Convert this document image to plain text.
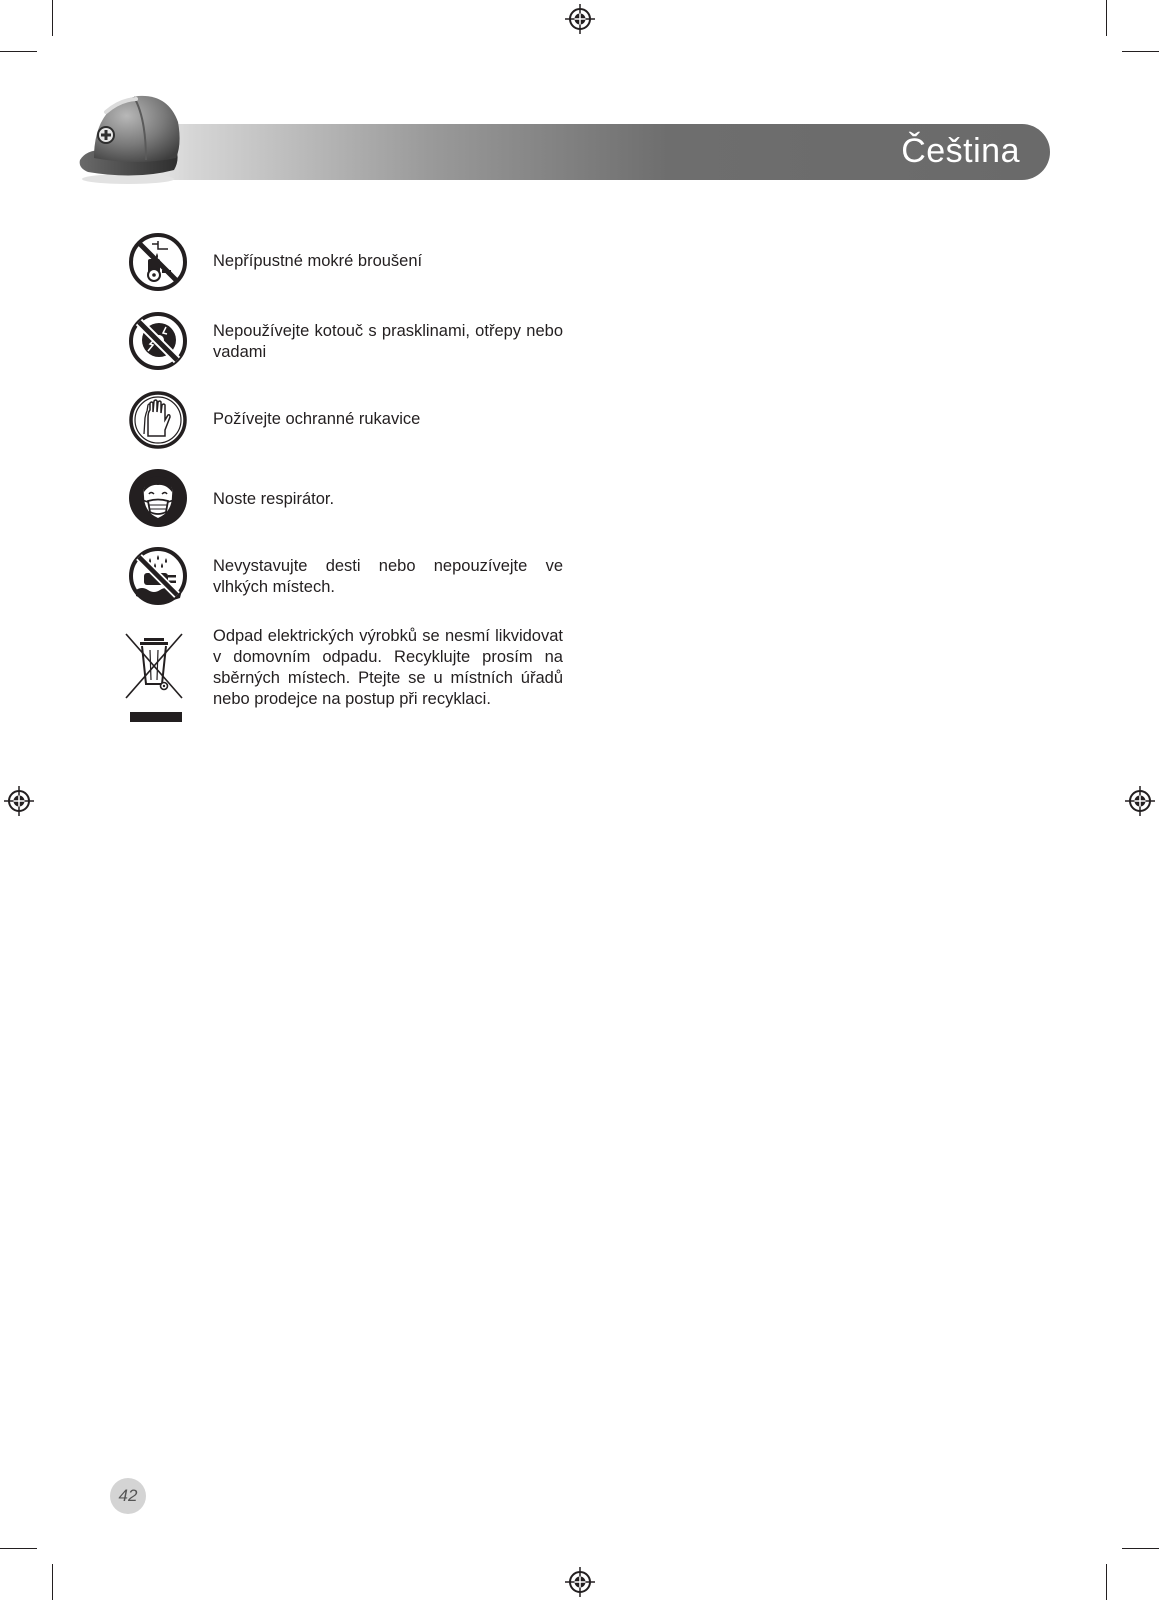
Čeština
Nepřípustné mokré broušení
Nepoužívejte kotouč s prasklinami, otřepy nebo vadami
Požívejte ochranné rukavice
Noste respirátor.
Nevystavujte desti nebo nepouzívejte ve vlhkých místech.
Odpad elektrických výrobků se nesmí likvidovat v domovním odpadu. Recyklujte prosím na sběrných místech. Ptejte se u místních úřadů nebo prodejce na postup při recyklaci.
42
